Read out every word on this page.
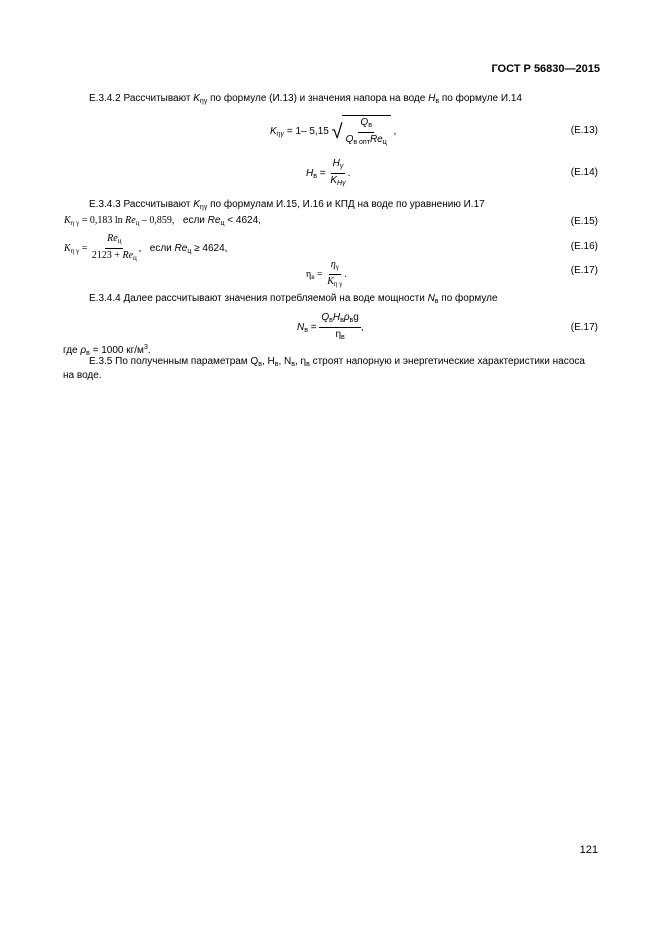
ГОСТ Р 56830—2015
Е.3.4.2 Рассчитывают $K_{\eta\gamma}$ по формуле (И.13) и значения напора на воде $H_в$ по формуле И.14
$K_{\eta\gamma} = 1-$ 5,15 √ $\frac{Q_в}{Q_{в опт}Re_ц}$ ,	(Е.13)
$H_в = \frac{H_\gamma}{K_{H\gamma}}$ .	(Е.14)
Е.3.4.3 Рассчитывают $K_{\eta\gamma}$ по формулам И.15, И.16 и КПД на воде по уравнению И.17
$K_{\eta \gamma} = 0,183$ $\ln Re_ц - 0,859$, если $Re_ц < 4624$,	(Е.15)
$K_{\eta \gamma} = \frac{Re_ц}{2123 + Re_ц}$ , если $Re_ц \ge 4624$,	(Е.16)
$\eta_в = \frac{\eta_\gamma}{K_{\eta \gamma}}$ .	(Е.17)
Е.3.4.4 Далее рассчитывают значения потребляемой на воде мощности $N_в$ по формуле
$N_в = \frac{Q_вH_в\rho_вg}{\eta_в}$ ,	(Е.17)
где $\rho_в = 1000$ $кг/м^3$.
Е.3.5 По полученным параметрам $Q_в$, $H_в$, $N_в$, $\eta_в$ строят напорную и энергетические характеристики насоса
на воде.
121
